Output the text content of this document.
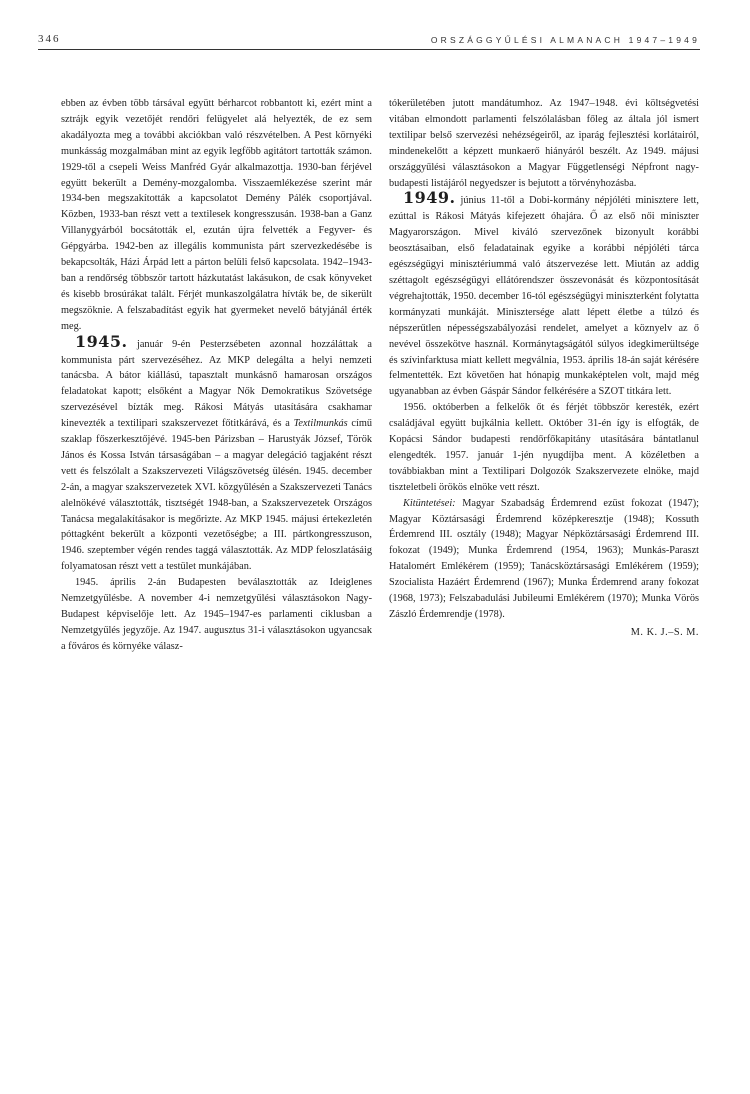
346	ORSZÁGGYŰLÉSI ALMANACH 1947–1949

ebben az évben több társával együtt bérharcot robbantott ki, ezért mint a sztrájk egyik vezetőjét rendőri felügyelet alá helyezték, de ez sem akadályozta meg a további akciókban való részvételben. A Pest környéki munkásság mozgalmában mint az egyik legfőbb agitátort tartották számon. 1929-től a csepeli Weiss Manfréd Gyár alkalmazottja. 1930-ban férjével együtt bekerült a Demény-mozgalomba. Visszaemlékezése szerint már 1934-ben megszakították a kapcsolatot Demény Pálék csoportjával. Közben, 1933-ban részt vett a textilesek kongresszusán. 1938-ban a Ganz Villanygyárból bocsátották el, ezután újra felvették a Fegyver- és Gépgyárba. 1942-ben az illegális kommunista párt szervezkedésébe is bekapcsolták, Házi Árpád lett a párton belüli felső kapcsolata. 1942–1943-ban a rendőrség többször tartott házkutatást lakásukon, de csak könyveket és kisebb brosúrákat talált. Férjét munkaszolgálatra hívták be, de sikerült megszöknie. A felszabadítást egyik hat gyermeket nevelő bátyjánál érték meg.

1945. január 9-én Pesterzsébeten azonnal hozzáláttak a kommunista párt szervezéséhez. Az MKP delegálta a helyi nemzeti tanácsba. A bátor kiállású, tapasztalt munkásnő hamarosan országos feladatokat kapott; elsőként a Magyar Nők Demokratikus Szövetsége szervezésével bízták meg. Rákosi Mátyás utasítására csakhamar kinevezték a textilipari szakszervezet főtitkárává, és a Textilmunkás című szaklap főszerkesztőjévé. 1945-ben Párizsban – Harustyák József, Török János és Kossa István társaságában – a magyar delegáció tagjaként részt vett és felszólalt a Szakszervezeti Világszövetség ülésén. 1945. december 2-án, a magyar szakszervezetek XVI. közgyűlésén a Szakszervezeti Tanács alelnökévé választották, tisztségét 1948-ban, a Szakszervezetek Országos Tanácsa megalakításakor is megőrizte. Az MKP 1945. májusi értekezletén póttagként bekerült a központi vezetőségbe; a III. pártkongresszuson, 1946. szeptember végén rendes taggá választották. Az MDP feloszlatásáig folyamatosan részt vett a testület munkájában.

1945. április 2-án Budapesten beválasztották az Ideiglenes Nemzetgyűlésbe. A november 4-i nemzetgyűlési választásokon Nagy-Budapest képviselője lett. Az 1945–1947-es parlamenti ciklusban a Nemzetgyűlés jegyzője. Az 1947. augusztus 31-i választásokon ugyancsak a főváros és környéke válasz-

tókerületében jutott mandátumhoz. Az 1947–1948. évi költségvetési vitában elmondott parlamenti felszólalásban főleg az általa jól ismert textilipar belső szervezési nehézségeiről, az iparág fejlesztési korlátairól, mindenekelőtt a képzett munkaerő hiányáról beszélt. Az 1949. májusi országgyűlési választásokon a Magyar Függetlenségi Népfront nagy-budapesti listájáról negyedszer is bejutott a törvényhozásba.

1949. június 11-től a Dobi-kormány népjóléti minisztere lett, ezúttal is Rákosi Mátyás kifejezett óhajára. Ő az első női miniszter Magyarországon. Mivel kiváló szervezőnek bizonyult korábbi beosztásaiban, első feladatainak egyike a korábbi népjóléti tárca egészségügyi minisztériummá való átszervezése lett. Miután az addig széttagolt egészségügyi ellátórendszer összevonását és központosítását végrehajtották, 1950. december 16-tól egészségügyi miniszterként folytatta kormányzati munkáját. Minisztersége alatt lépett életbe a túlzó és népszerűtlen népességszabályozási rendelet, amelyet a köznyelv az ő nevével összekötve használ. Kormánytagságától súlyos idegkimerültsége és szívinfarktusa miatt kellett megválnia, 1953. április 18-án saját kérésére felmentették. Ezt követően hat hónapig munkaképtelen volt, majd még ugyanabban az évben Gáspár Sándor felkérésére a SZOT titkára lett.

1956. októberben a felkelők őt és férjét többször keresték, ezért családjával együtt bujkálnia kellett. Október 31-én így is elfogták, de Kopácsi Sándor budapesti rendőrfőkapitány utasítására bántatlanul elengedték. 1957. január 1-jén nyugdíjba ment. A közéletben a továbbiakban mint a Textilipari Dolgozók Szakszervezete elnöke, majd tiszteletbeli örökös elnöke vett részt.

Kitüntetései: Magyar Szabadság Érdemrend ezüst fokozat (1947); Magyar Köztársasági Érdemrend középkeresztje (1948); Kossuth Érdemrend III. osztály (1948); Magyar Népköztársasági Érdemrend III. fokozat (1949); Munka Érdemrend (1954, 1963); Munkás-Paraszt Hatalomért Emlékérem (1959); Tanácsköztársasági Emlékérem (1959); Szocialista Hazáért Érdemrend (1967); Munka Érdemrend arany fokozat (1968, 1973); Felszabadulási Jubileumi Emlékérem (1970); Munka Vörös Zászló Érdemrendje (1978).

M. K. J.–S. M.
